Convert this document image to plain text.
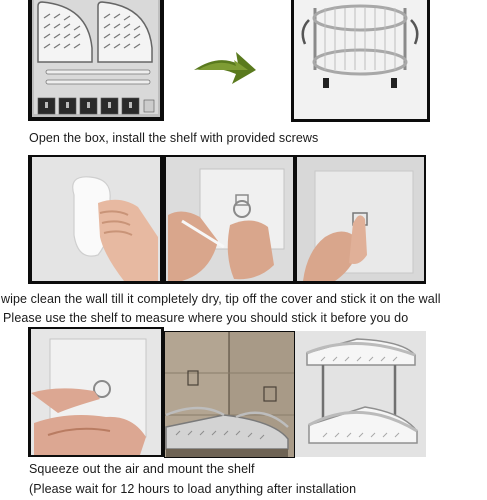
Open the box, install the shelf with provided screws
wipe clean the wall till it completely dry, tip off the cover and stick it on the wall
Please use the shelf to measure where you should stick it before you do
Squeeze out the air and mount the shelf
(Please wait for 12 hours to load anything after installation
